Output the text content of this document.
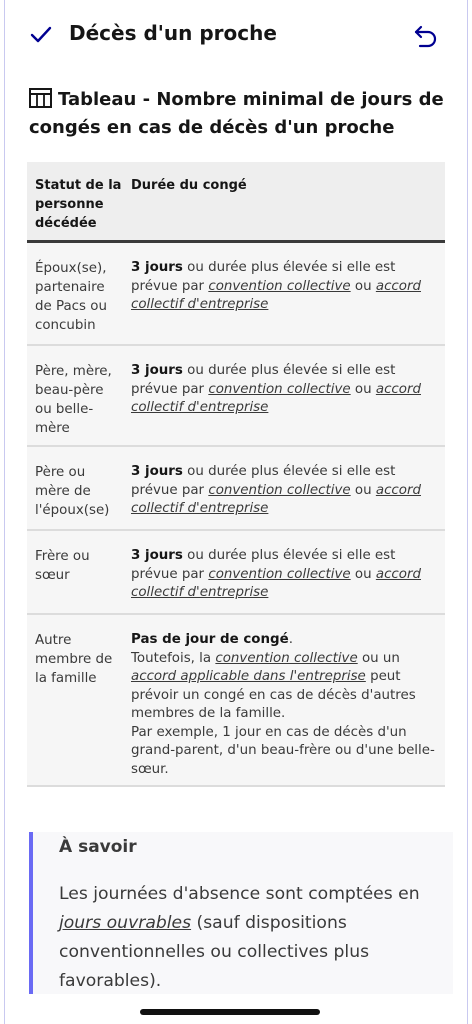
Décès d'un proche
Tableau - Nombre minimal de jours de congés en cas de décès d'un proche
Statut de la personne décédée
Durée du congé
Époux(se), partenaire de Pacs ou concubin
3 jours ou durée plus élevée si elle est prévue par convention collective ou accord collectif d'entreprise
Père, mère, beau-père ou belle-mère
3 jours ou durée plus élevée si elle est prévue par convention collective ou accord collectif d'entreprise
Père ou mère de l'époux(se)
3 jours ou durée plus élevée si elle est prévue par convention collective ou accord collectif d'entreprise
Frère ou sœur
3 jours ou durée plus élevée si elle est prévue par convention collective ou accord collectif d'entreprise
Autre membre de la famille
Pas de jour de congé.
Toutefois, la convention collective ou un accord applicable dans l'entreprise peut prévoir un congé en cas de décès d'autres membres de la famille.
Par exemple, 1 jour en cas de décès d'un grand-parent, d'un beau-frère ou d'une belle-sœur.
À savoir
Les journées d'absence sont comptées en jours ouvrables (sauf dispositions conventionnelles ou collectives plus favorables).
